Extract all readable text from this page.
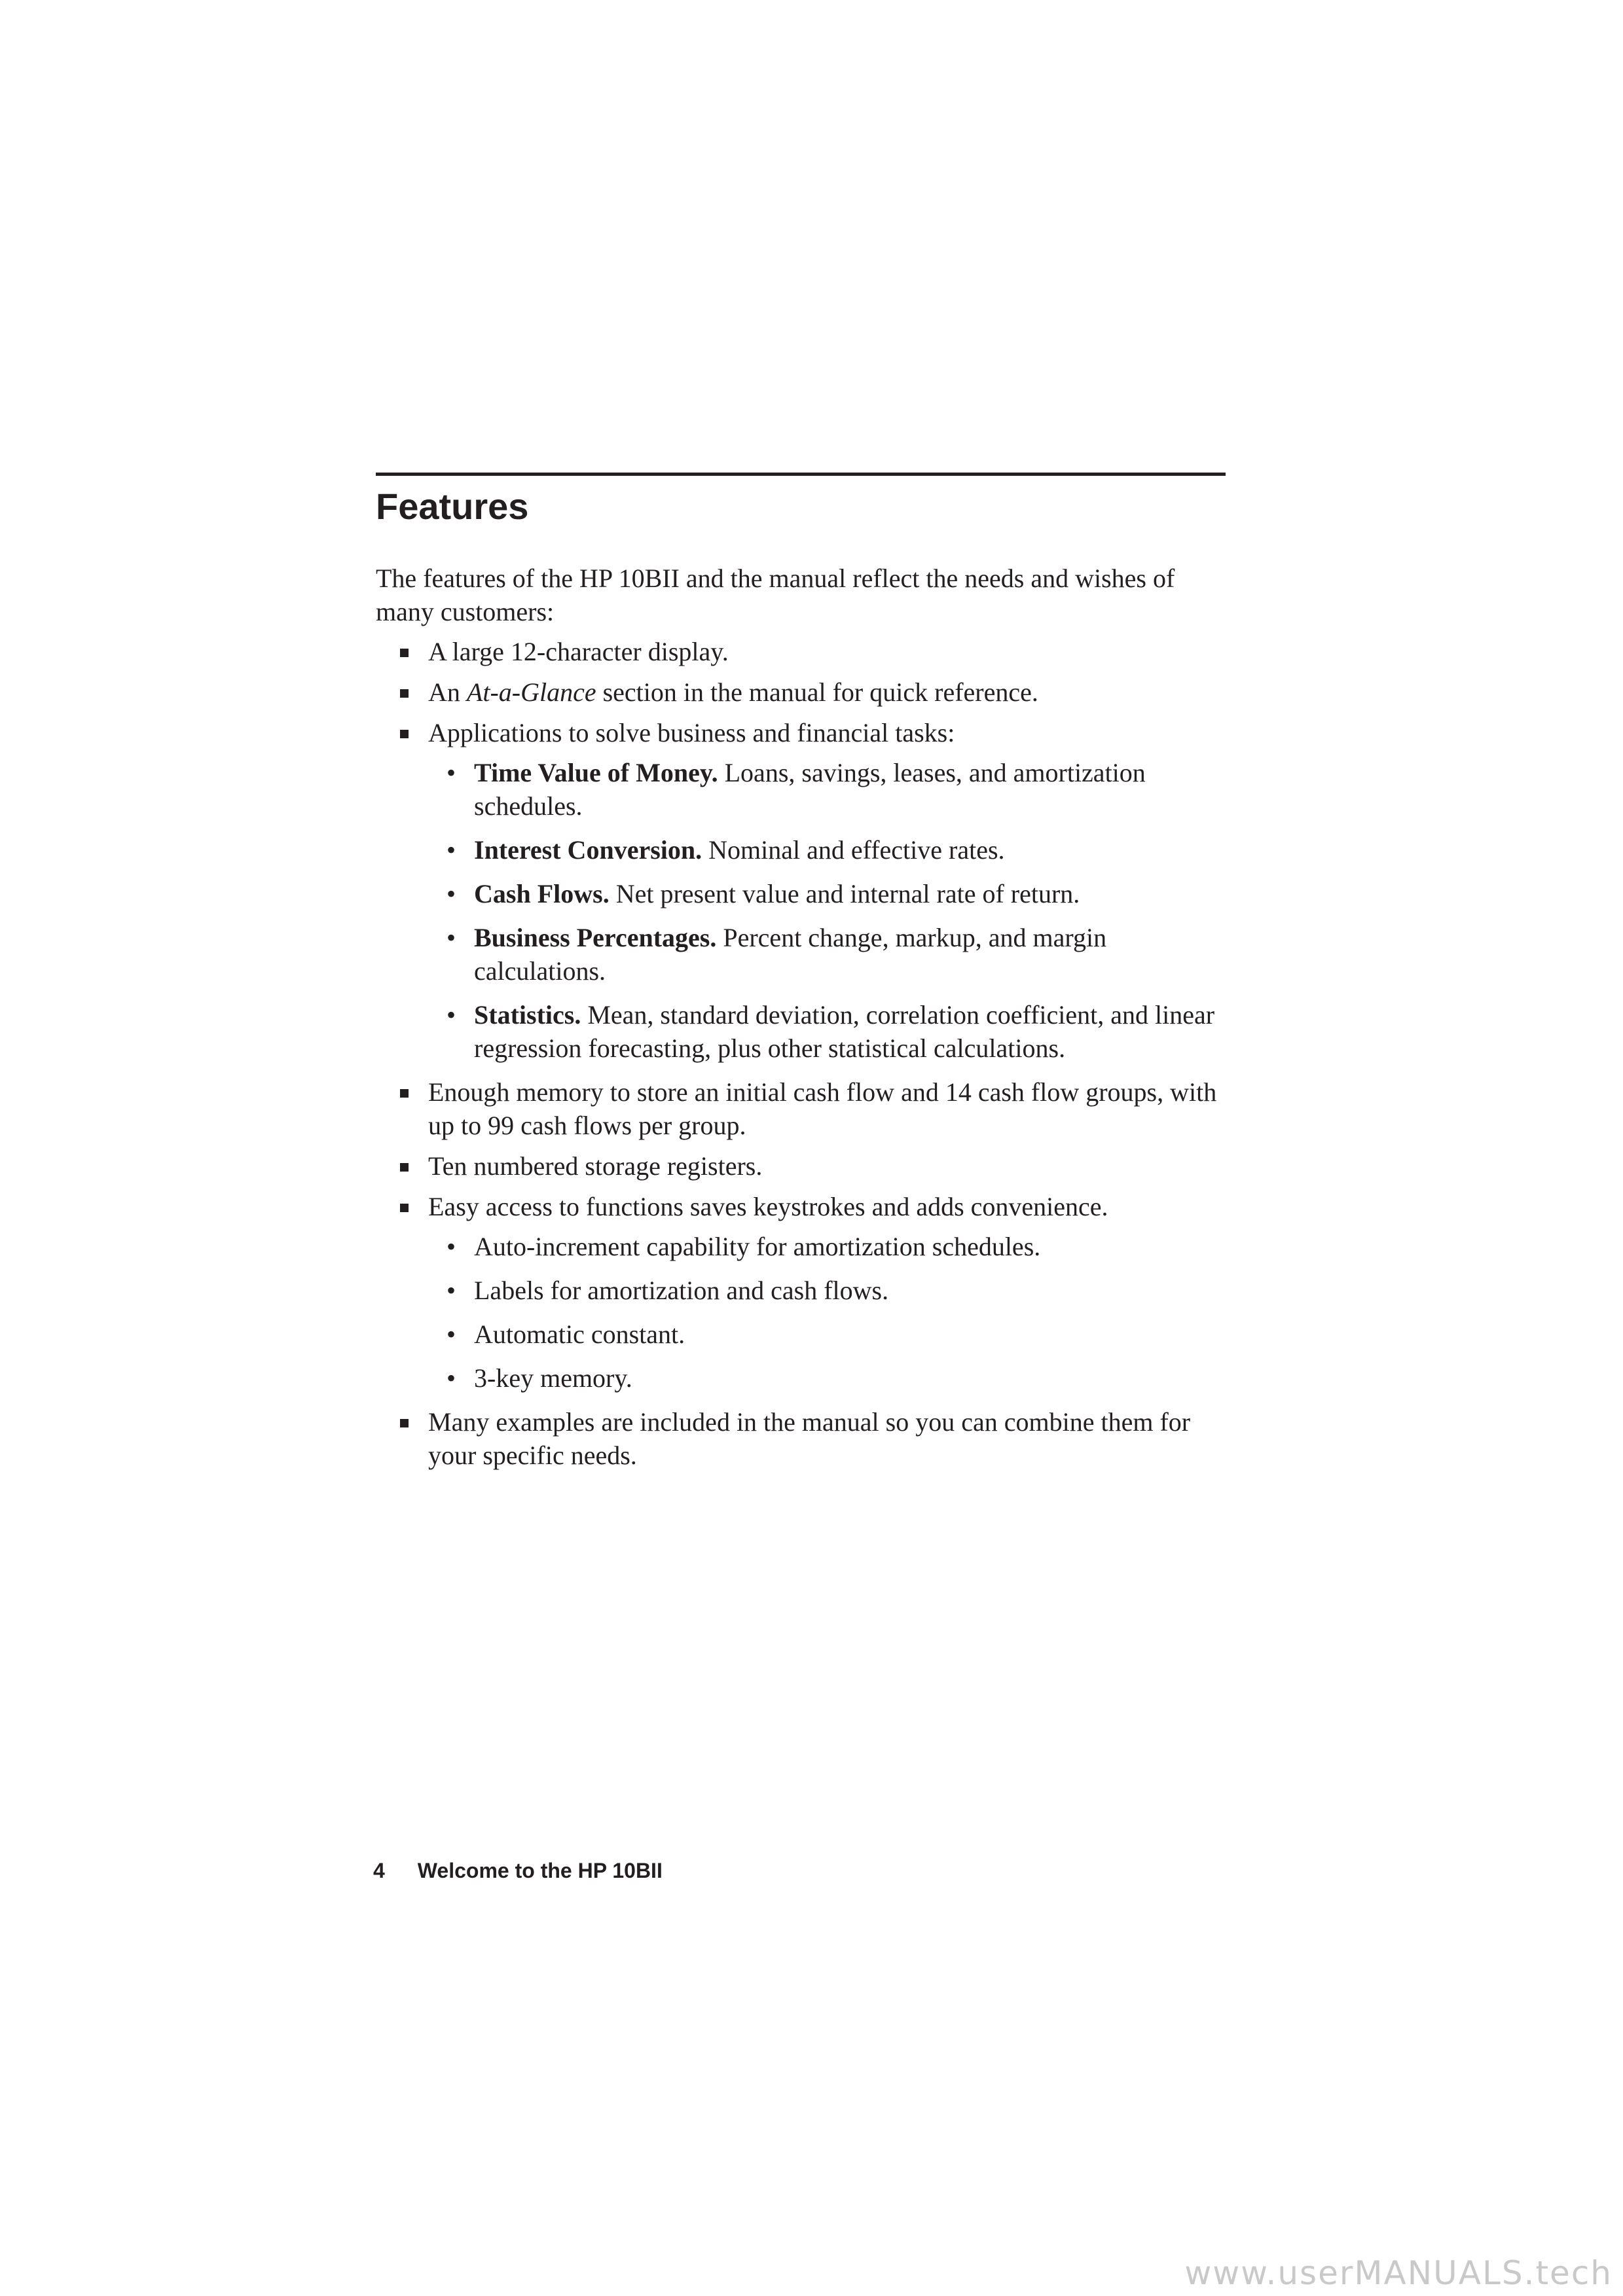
Features

The features of the HP 10BII and the manual reflect the needs and wishes of many customers:

A large 12-character display.
An At-a-Glance section in the manual for quick reference.
Applications to solve business and financial tasks:
• Time Value of Money. Loans, savings, leases, and amortization schedules.
• Interest Conversion. Nominal and effective rates.
• Cash Flows. Net present value and internal rate of return.
• Business Percentages. Percent change, markup, and margin calculations.
• Statistics. Mean, standard deviation, correlation coefficient, and linear regression forecasting, plus other statistical calculations.
Enough memory to store an initial cash flow and 14 cash flow groups, with up to 99 cash flows per group.
Ten numbered storage registers.
Easy access to functions saves keystrokes and adds convenience.
• Auto-increment capability for amortization schedules.
• Labels for amortization and cash flows.
• Automatic constant.
• 3-key memory.
Many examples are included in the manual so you can combine them for your specific needs.
4 Welcome to the HP 10BII
www.userMANUALS.tech
